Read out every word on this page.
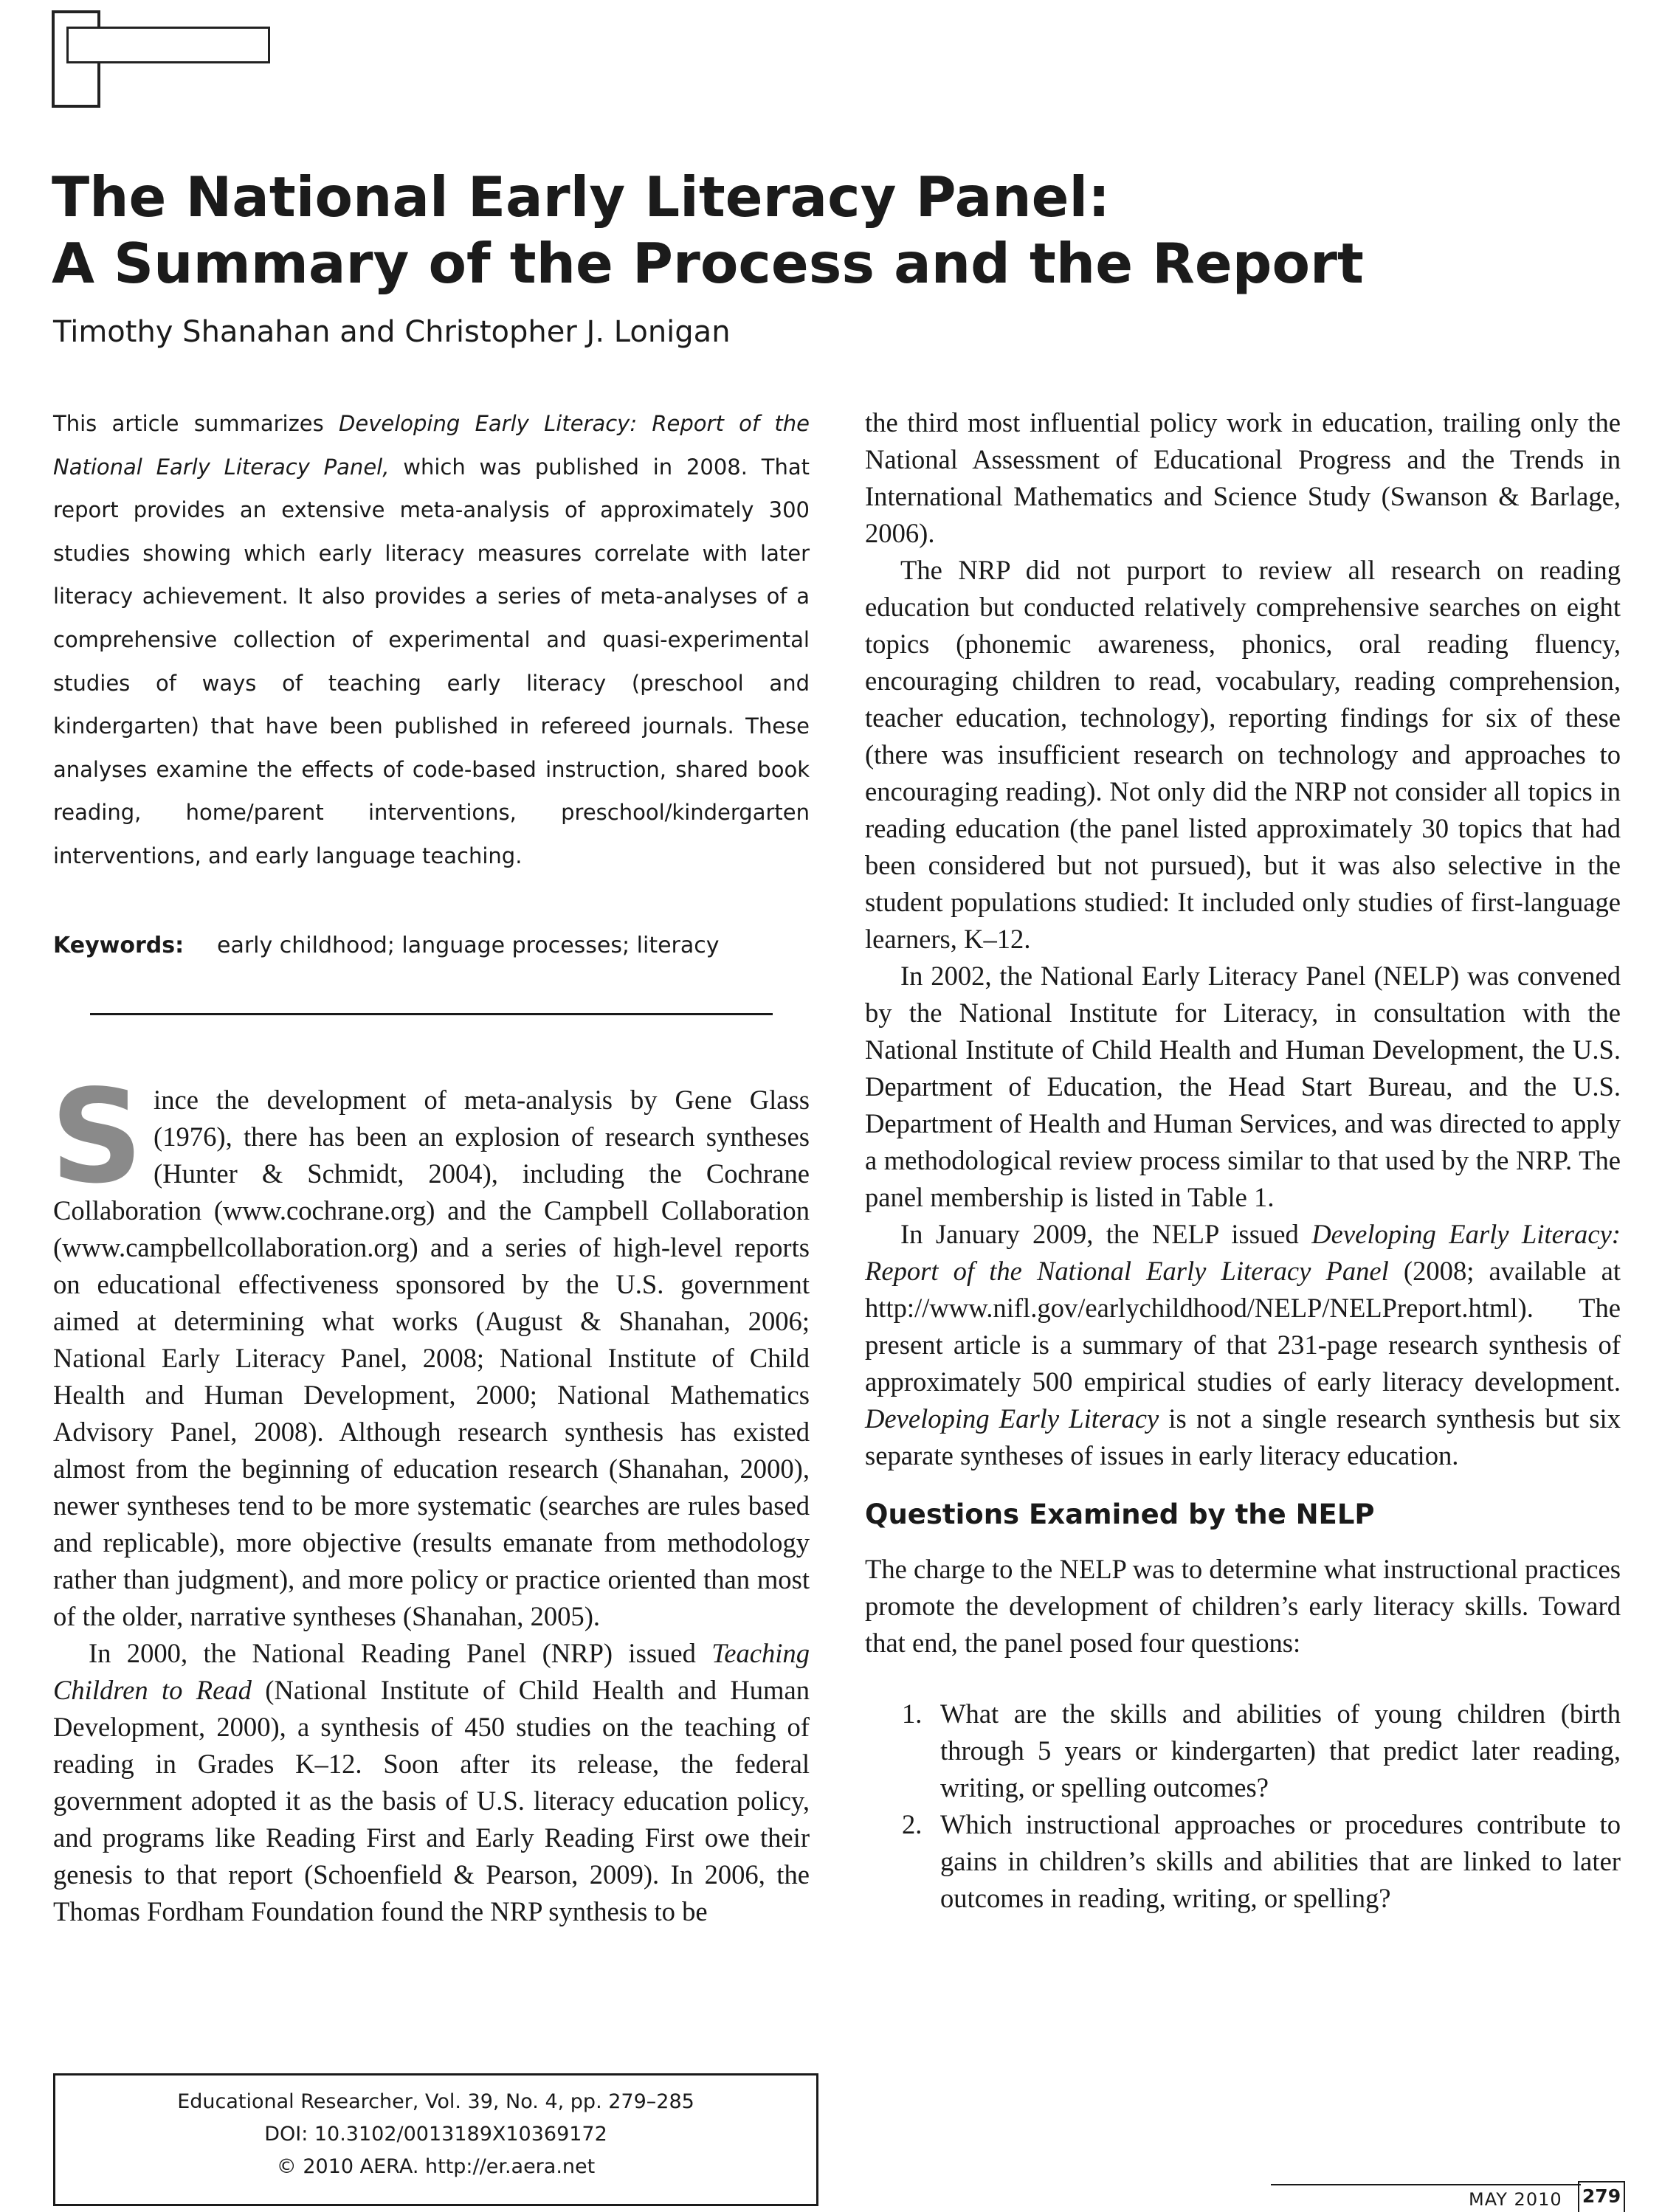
The National Early Literacy Panel:
A Summary of the Process and the Report

Timothy Shanahan and Christopher J. Lonigan

This article summarizes Developing Early Literacy: Report of the National Early Literacy Panel, which was published in 2008. That report provides an extensive meta-analysis of approximately 300 studies showing which early literacy measures correlate with later literacy achievement. It also provides a series of meta-analyses of a comprehensive collection of experimental and quasi-experimental studies of ways of teaching early literacy (preschool and kindergarten) that have been published in refereed journals. These analyses examine the effects of code-based instruction, shared book reading, home/parent interventions, preschool/kindergarten interventions, and early language teaching.

Keywords: early childhood; language processes; literacy

Since the development of meta-analysis by Gene Glass (1976), there has been an explosion of research syntheses (Hunter & Schmidt, 2004), including the Cochrane Collaboration (www.cochrane.org) and the Campbell Collaboration (www.campbellcollaboration.org) and a series of high-level reports on educational effectiveness sponsored by the U.S. government aimed at determining what works (August & Shanahan, 2006; National Early Literacy Panel, 2008; National Institute of Child Health and Human Development, 2000; National Mathematics Advisory Panel, 2008). Although research synthesis has existed almost from the beginning of education research (Shanahan, 2000), newer syntheses tend to be more systematic (searches are rules based and replicable), more objective (results emanate from methodology rather than judgment), and more policy or practice oriented than most of the older, narrative syntheses (Shanahan, 2005).

In 2000, the National Reading Panel (NRP) issued Teaching Children to Read (National Institute of Child Health and Human Development, 2000), a synthesis of 450 studies on the teaching of reading in Grades K–12. Soon after its release, the federal government adopted it as the basis of U.S. literacy education policy, and programs like Reading First and Early Reading First owe their genesis to that report (Schoenfield & Pearson, 2009). In 2006, the Thomas Fordham Foundation found the NRP synthesis to be

the third most influential policy work in education, trailing only the National Assessment of Educational Progress and the Trends in International Mathematics and Science Study (Swanson & Barlage, 2006).

The NRP did not purport to review all research on reading education but conducted relatively comprehensive searches on eight topics (phonemic awareness, phonics, oral reading fluency, encouraging children to read, vocabulary, reading comprehension, teacher education, technology), reporting findings for six of these (there was insufficient research on technology and approaches to encouraging reading). Not only did the NRP not consider all topics in reading education (the panel listed approximately 30 topics that had been considered but not pursued), but it was also selective in the student populations studied: It included only studies of first-language learners, K–12.

In 2002, the National Early Literacy Panel (NELP) was convened by the National Institute for Literacy, in consultation with the National Institute of Child Health and Human Development, the U.S. Department of Education, the Head Start Bureau, and the U.S. Department of Health and Human Services, and was directed to apply a methodological review process similar to that used by the NRP. The panel membership is listed in Table 1.

In January 2009, the NELP issued Developing Early Literacy: Report of the National Early Literacy Panel (2008; available at http://www.nifl.gov/earlychildhood/NELP/NELPreport.html). The present article is a summary of that 231-page research synthesis of approximately 500 empirical studies of early literacy development. Developing Early Literacy is not a single research synthesis but six separate syntheses of issues in early literacy education.

Questions Examined by the NELP

The charge to the NELP was to determine what instructional practices promote the development of children’s early literacy skills. Toward that end, the panel posed four questions:

1. What are the skills and abilities of young children (birth through 5 years or kindergarten) that predict later reading, writing, or spelling outcomes?
2. Which instructional approaches or procedures contribute to gains in children’s skills and abilities that are linked to later outcomes in reading, writing, or spelling?
Educational Researcher, Vol. 39, No. 4, pp. 279–285
DOI: 10.3102/0013189X10369172
© 2010 AERA. http://er.aera.net
MAY 2010 279
